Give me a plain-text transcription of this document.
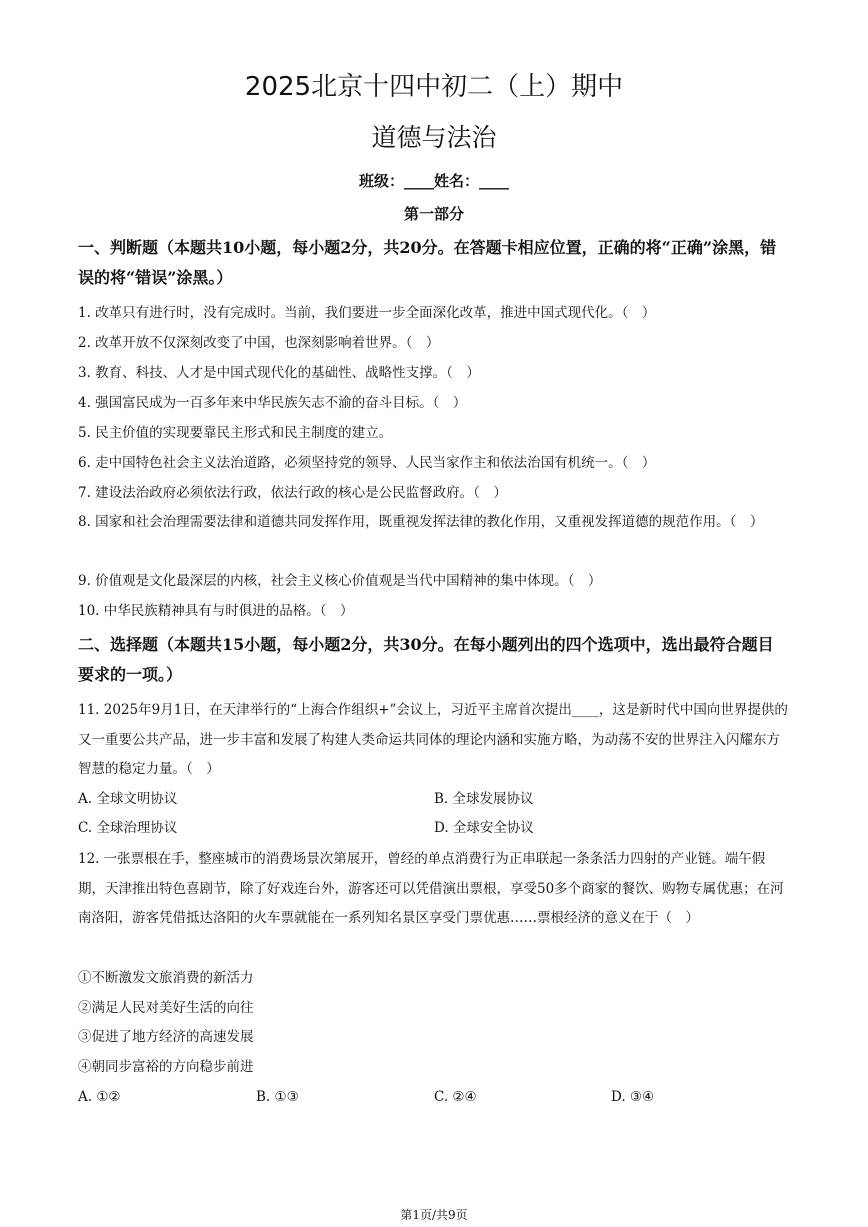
2025北京十四中初二（上）期中
道德与法治
班级：____姓名：____
第一部分
一、判断题（本题共10小题，每小题2分，共20分。在答题卡相应位置，正确的将“正确”涂黑，错误的将“错误”涂黑。）
1. 改革只有进行时，没有完成时。当前，我们要进一步全面深化改革，推进中国式现代化。（　）
2. 改革开放不仅深刻改变了中国，也深刻影响着世界。（　）
3. 教育、科技、人才是中国式现代化的基础性、战略性支撑。（　）
4. 强国富民成为一百多年来中华民族矢志不渝的奋斗目标。（　）
5. 民主价值的实现要靠民主形式和民主制度的建立。
6. 走中国特色社会主义法治道路，必须坚持党的领导、人民当家作主和依法治国有机统一。（　）
7. 建设法治政府必须依法行政，依法行政的核心是公民监督政府。（　）
8. 国家和社会治理需要法律和道德共同发挥作用，既重视发挥法律的教化作用，又重视发挥道德的规范作用。（　）
9. 价值观是文化最深层的内核，社会主义核心价值观是当代中国精神的集中体现。（　）
10. 中华民族精神具有与时俱进的品格。（　）
二、选择题（本题共15小题，每小题2分，共30分。在每小题列出的四个选项中，选出最符合题目要求的一项。）
11. 2025年9月1日，在天津举行的“上海合作组织+”会议上，习近平主席首次提出____，这是新时代中国向世界提供的又一重要公共产品，进一步丰富和发展了构建人类命运共同体的理论内涵和实施方略，为动荡不安的世界注入闪耀东方智慧的稳定力量。（　）
A. 全球文明协议	B. 全球发展协议
C. 全球治理协议	D. 全球安全协议
12. 一张票根在手，整座城市的消费场景次第展开，曾经的单点消费行为正串联起一条条活力四射的产业链。端午假期，天津推出特色喜剧节，除了好戏连台外，游客还可以凭借演出票根，享受50多个商家的餐饮、购物专属优惠；在河南洛阳，游客凭借抵达洛阳的火车票就能在一系列知名景区享受门票优惠……票根经济的意义在于（　）
①不断激发文旅消费的新活力
②满足人民对美好生活的向往
③促进了地方经济的高速发展
④朝同步富裕的方向稳步前进
A. ①②	B. ①③	C. ②④	D. ③④
第1页/共9页
